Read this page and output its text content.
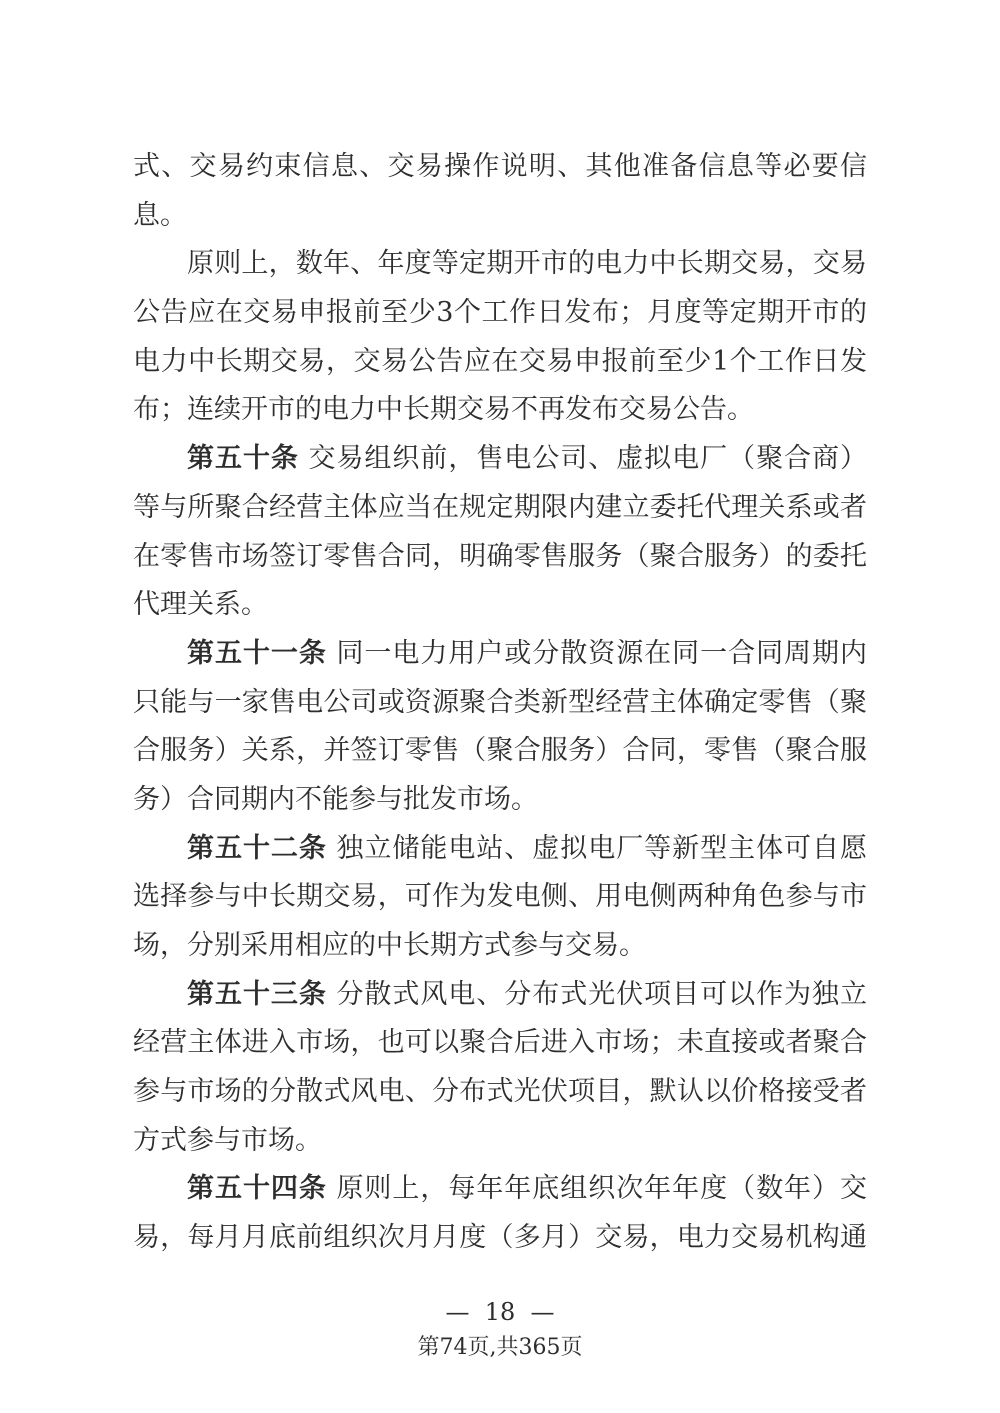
式、交易约束信息、交易操作说明、其他准备信息等必要信
息。
原则上，数年、年度等定期开市的电力中长期交易，交易
公告应在交易申报前至少3个工作日发布；月度等定期开市的
电力中长期交易，交易公告应在交易申报前至少1个工作日发
布；连续开市的电力中长期交易不再发布交易公告。
第五十条 交易组织前，售电公司、虚拟电厂（聚合商）
等与所聚合经营主体应当在规定期限内建立委托代理关系或者
在零售市场签订零售合同，明确零售服务（聚合服务）的委托
代理关系。
第五十一条 同一电力用户或分散资源在同一合同周期内
只能与一家售电公司或资源聚合类新型经营主体确定零售（聚
合服务）关系，并签订零售（聚合服务）合同，零售（聚合服
务）合同期内不能参与批发市场。
第五十二条 独立储能电站、虚拟电厂等新型主体可自愿
选择参与中长期交易，可作为发电侧、用电侧两种角色参与市
场，分别采用相应的中长期方式参与交易。
第五十三条 分散式风电、分布式光伏项目可以作为独立
经营主体进入市场，也可以聚合后进入市场；未直接或者聚合
参与市场的分散式风电、分布式光伏项目，默认以价格接受者
方式参与市场。
第五十四条 原则上，每年年底组织次年年度（数年）交
易，每月月底前组织次月月度（多月）交易，电力交易机构通
—  18  —
第74页,共365页
